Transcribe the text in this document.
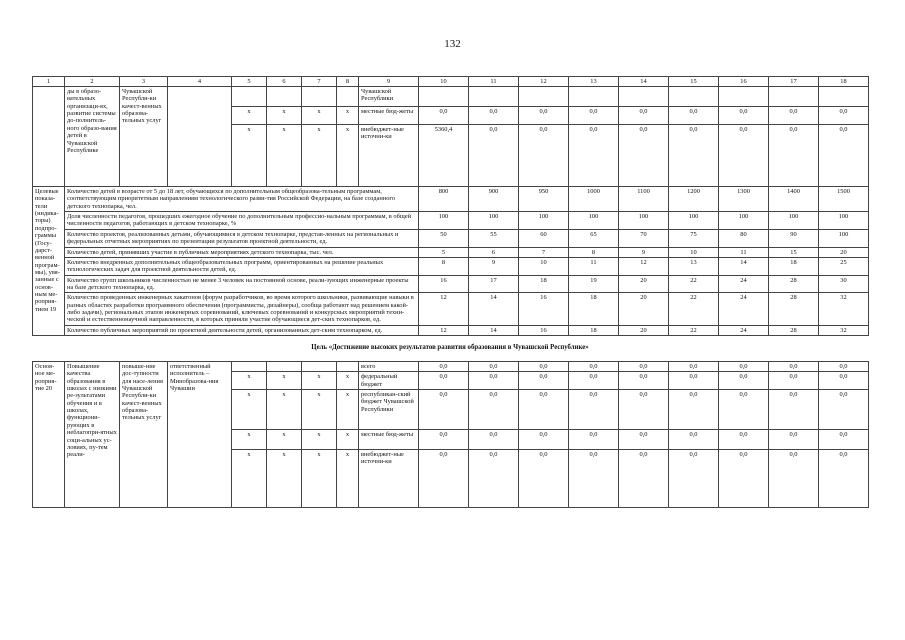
132
1	2	3	4	5	6	7	8	9	10	11	12	13	14	15	16	17	18
	ды в образо-вательных организаци-ях, развитие системы до-полнитель-ного образо-вания детей в Чувашской Республике	Чувашской Республи-ки качест-венных образова-тельных услуг						Чувашской Республики									
				x	x	x	x	местные бюд-жеты	0,0	0,0	0,0	0,0	0,0	0,0	0,0	0,0	0,0
				x	x	x	x	внебюджет-ные источни-ки	5360,4	0,0	0,0	0,0	0,0	0,0	0,0	0,0	0,0
Целевые показа-тели (индика-торы) подпро-граммы (Госу-дарст-венной програм-мы), увя-занные с основ-ным ме-роприя-тием 19	Количество детей в возрасте от 5 до 18 лет, обучающихся по дополнительным общеобразова-тельным программам, соответствующим приоритетным направлениям технологического разви-тия Российской Федерации, на базе созданного детского технопарка, чел.								800	900	950	1000	1100	1200	1300	1400	1500
	Доля численности педагогов, прошедших ежегодное обучение по дополнительным профессио-нальным программам, в общей численности педагогов, работающих в детском технопарке, %								100	100	100	100	100	100	100	100	100
	Количество проектов, реализованных детьми, обучающимися в детском технопарке, представ-ленных на региональных и федеральных отчетных мероприятиях по презентации результатов проектной деятельности, ед.								50	55	60	65	70	75	80	90	100
	Количество детей, принявших участие в публичных мероприятиях детского технопарка, тыс. чел.								5	6	7	8	9	10	11	15	20
	Количество внедренных дополнительных общеобразовательных программ, ориентированных на решение реальных технологических задач для проектной деятельности детей, ед.								8	9	10	11	12	13	14	18	25
	Количество групп школьников численностью не менее 3 человек на постоянной основе, реали-зующих инженерные проекты на базе детского технопарка, ед.								16	17	18	19	20	22	24	28	30
	Количество проведенных инженерных хакатонов (форум разработчиков, во время которого школьники, развивающие навыки в разных областях разработки программного обеспечения (программисты, дизайнеры), сообща работают над решением какой-либо задачи), региональных этапов инженерных соревнований, ключевых соревнований и конкурсных мероприятий техни-ческой и естественнонаучной направленности, в которых приняли участие обучающиеся дет-ских технопарков, ед.								12	14	16	18	20	22	24	28	32
	Количество публичных мероприятий по проектной деятельности детей, организованных дет-ским технопарком, ед.								12	14	16	18	20	22	24	28	32
Цель «Достижение высоких результатов развития образования в Чувашской Республике»
Основ-ное ме-роприя-тие 20	Повышение качества образования в школах с низкими ре-зультатами обучения и в школах, функциони-рующих в неблагопри-ятных соци-альных ус-ловиях, пу-тем реали-	повыше-ние дос-тупности для насе-ления Чувашской Республи-ки качест-венных образова-тельных услуг	ответственный исполнитель – Минобразова-ния Чувашии					всего	0,0	0,0	0,0	0,0	0,0	0,0	0,0	0,0	0,0
				x	x	x	x	федеральный бюджет	0,0	0,0	0,0	0,0	0,0	0,0	0,0	0,0	0,0
				x	x	x	x	республикан-ский бюджет Чувашской Республики	0,0	0,0	0,0	0,0	0,0	0,0	0,0	0,0	0,0
				x	x	x	x	местные бюд-жеты	0,0	0,0	0,0	0,0	0,0	0,0	0,0	0,0	0,0
				x	x	x	x	внебюджет-ные источни-ки	0,0	0,0	0,0	0,0	0,0	0,0	0,0	0,0	0,0
